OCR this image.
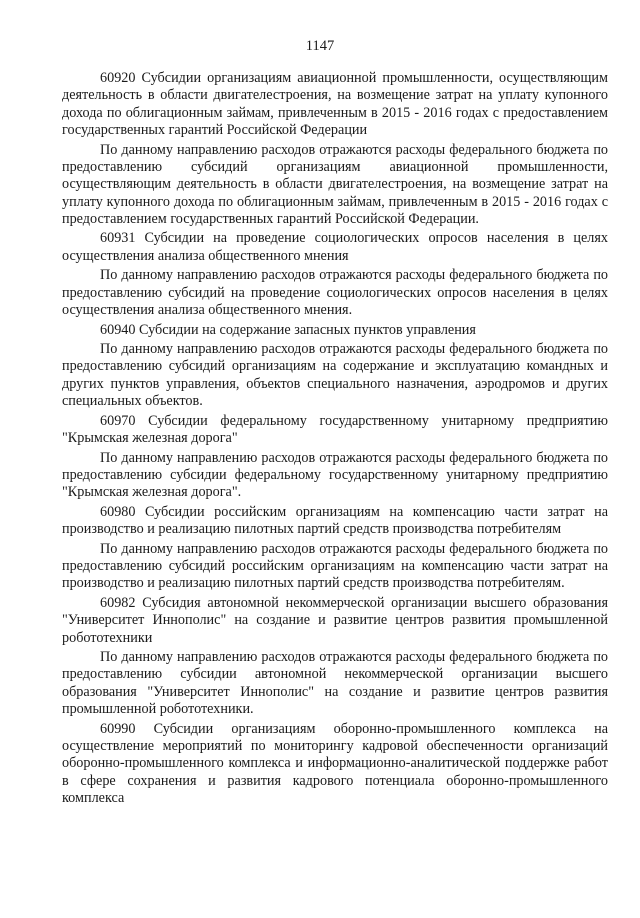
1147

60920 Субсидии организациям авиационной промышленности, осуществляющим деятельность в области двигателестроения, на возмещение затрат на уплату купонного дохода по облигационным займам, привлеченным в 2015 - 2016 годах с предоставлением государственных гарантий Российской Федерации

По данному направлению расходов отражаются расходы федерального бюджета по предоставлению субсидий организациям авиационной промышленности, осуществляющим деятельность в области двигателестроения, на возмещение затрат на уплату купонного дохода по облигационным займам, привлеченным в 2015 - 2016 годах с предоставлением государственных гарантий Российской Федерации.

60931 Субсидии на проведение социологических опросов населения в целях осуществления анализа общественного мнения

По данному направлению расходов отражаются расходы федерального бюджета по предоставлению субсидий на проведение социологических опросов населения в целях осуществления анализа общественного мнения.

60940 Субсидии на содержание запасных пунктов управления

По данному направлению расходов отражаются расходы федерального бюджета по предоставлению субсидий организациям на содержание и эксплуатацию командных и других пунктов управления, объектов специального назначения, аэродромов и других специальных объектов.

60970 Субсидии федеральному государственному унитарному предприятию "Крымская железная дорога"

По данному направлению расходов отражаются расходы федерального бюджета по предоставлению субсидии федеральному государственному унитарному предприятию "Крымская железная дорога".

60980 Субсидии российским организациям на компенсацию части затрат на производство и реализацию пилотных партий средств производства потребителям

По данному направлению расходов отражаются расходы федерального бюджета по предоставлению субсидий российским организациям на компенсацию части затрат на производство и реализацию пилотных партий средств производства потребителям.

60982 Субсидия автономной некоммерческой организации высшего образования "Университет Иннополис" на создание и развитие центров развития промышленной робототехники

По данному направлению расходов отражаются расходы федерального бюджета по предоставлению субсидии автономной некоммерческой организации высшего образования "Университет Иннополис" на создание и развитие центров развития промышленной робототехники.

60990 Субсидии организациям оборонно-промышленного комплекса на осуществление мероприятий по мониторингу кадровой обеспеченности организаций оборонно-промышленного комплекса и информационно-аналитической поддержке работ в сфере сохранения и развития кадрового потенциала оборонно-промышленного комплекса
